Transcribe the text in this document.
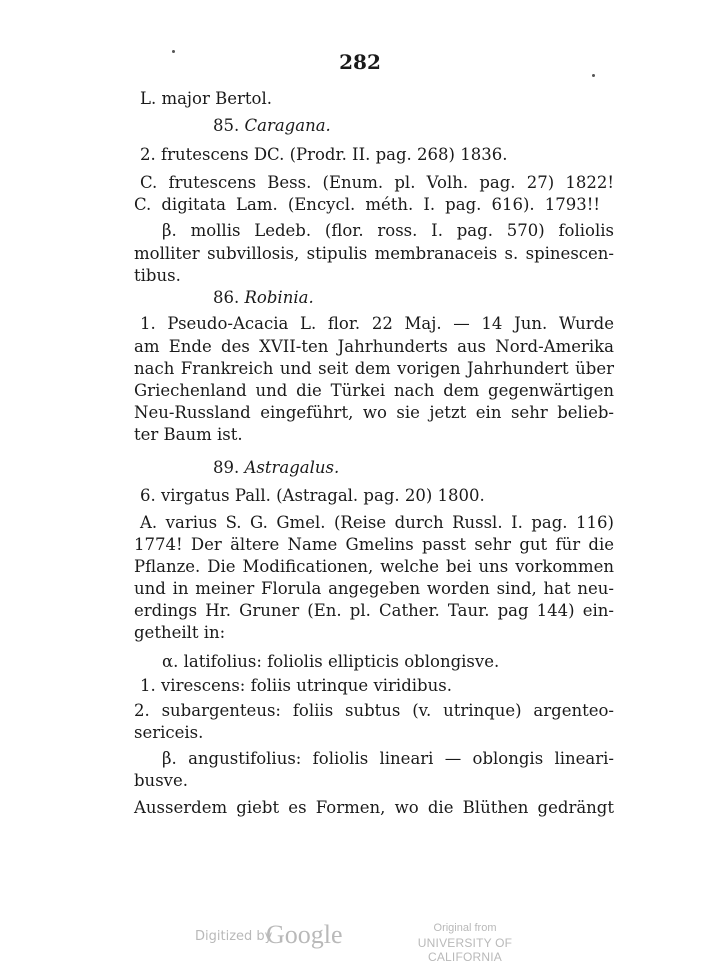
282
L. major Bertol.
85. Caragana.
2. frutescens DC. (Prodr. II. pag. 268) 1836.
C. frutescens Bess. (Enum. pl. Volh. pag. 27) 1822!
C. digitata Lam. (Encycl. méth. I. pag. 616). 1793!!
β. mollis Ledeb. (flor. ross. I. pag. 570) foliolis
molliter subvillosis, stipulis membranaceis s. spinescen-
tibus.
86. Robinia.
1. Pseudo-Acacia L. flor. 22 Maj. — 14 Jun. Wurde
am Ende des XVII-ten Jahrhunderts aus Nord-Amerika
nach Frankreich und seit dem vorigen Jahrhundert über
Griechenland und die Türkei nach dem gegenwärtigen
Neu-Russland eingeführt, wo sie jetzt ein sehr belieb-
ter Baum ist.
89. Astragalus.
6. virgatus Pall. (Astragal. pag. 20) 1800.
A. varius S. G. Gmel. (Reise durch Russl. I. pag. 116)
1774! Der ältere Name Gmelins passt sehr gut für die
Pflanze. Die Modificationen, welche bei uns vorkommen
und in meiner Florula angegeben worden sind, hat neu-
erdings Hr. Gruner (En. pl. Cather. Taur. pag 144) ein-
getheilt in:
α. latifolius: foliolis ellipticis oblongisve.
1. virescens: foliis utrinque viridibus.
2. subargenteus: foliis subtus (v. utrinque) argenteo-
sericeis.
β. angustifolius: foliolis lineari — oblongis lineari-
busve.
Ausserdem giebt es Formen, wo die Blüthen gedrängt
Digitized by
Google	Original from
UNIVERSITY OF CALIFORNIA
